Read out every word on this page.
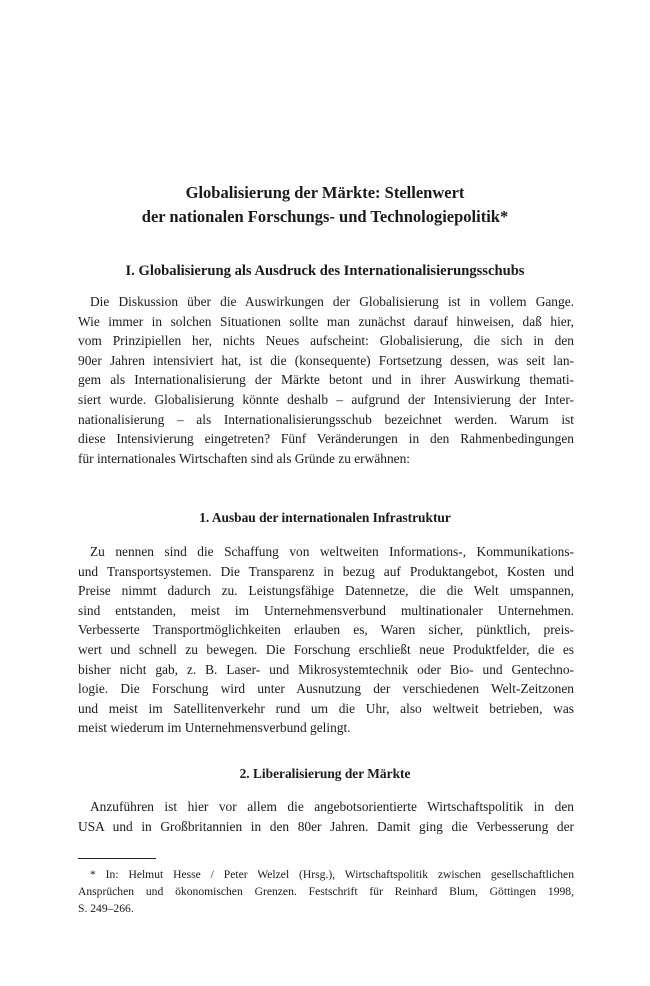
Globalisierung der Märkte: Stellenwert
der nationalen Forschungs- und Technologiepolitik*
I. Globalisierung als Ausdruck des Internationalisierungsschubs
Die Diskussion über die Auswirkungen der Globalisierung ist in vollem Gange.
Wie immer in solchen Situationen sollte man zunächst darauf hinweisen, daß hier,
vom Prinzipiellen her, nichts Neues aufscheint: Globalisierung, die sich in den
90er Jahren intensiviert hat, ist die (konsequente) Fortsetzung dessen, was seit lan-
gem als Internationalisierung der Märkte betont und in ihrer Auswirkung themati-
siert wurde. Globalisierung könnte deshalb – aufgrund der Intensivierung der Inter-
nationalisierung – als Internationalisierungsschub bezeichnet werden. Warum ist
diese Intensivierung eingetreten? Fünf Veränderungen in den Rahmenbedingungen
für internationales Wirtschaften sind als Gründe zu erwähnen:
1. Ausbau der internationalen Infrastruktur
Zu nennen sind die Schaffung von weltweiten Informations-, Kommunikations-
und Transportsystemen. Die Transparenz in bezug auf Produktangebot, Kosten und
Preise nimmt dadurch zu. Leistungsfähige Datennetze, die die Welt umspannen,
sind entstanden, meist im Unternehmensverbund multinationaler Unternehmen.
Verbesserte Transportmöglichkeiten erlauben es, Waren sicher, pünktlich, preis-
wert und schnell zu bewegen. Die Forschung erschließt neue Produktfelder, die es
bisher nicht gab, z. B. Laser- und Mikrosystemtechnik oder Bio- und Gentechno-
logie. Die Forschung wird unter Ausnutzung der verschiedenen Welt-Zeitzonen
und meist im Satellitenverkehr rund um die Uhr, also weltweit betrieben, was
meist wiederum im Unternehmensverbund gelingt.
2. Liberalisierung der Märkte
Anzuführen ist hier vor allem die angebotsorientierte Wirtschaftspolitik in den
USA und in Großbritannien in den 80er Jahren. Damit ging die Verbesserung der
* In: Helmut Hesse / Peter Welzel (Hrsg.), Wirtschaftspolitik zwischen gesellschaftlichen
Ansprüchen und ökonomischen Grenzen. Festschrift für Reinhard Blum, Göttingen 1998,
S. 249–266.
